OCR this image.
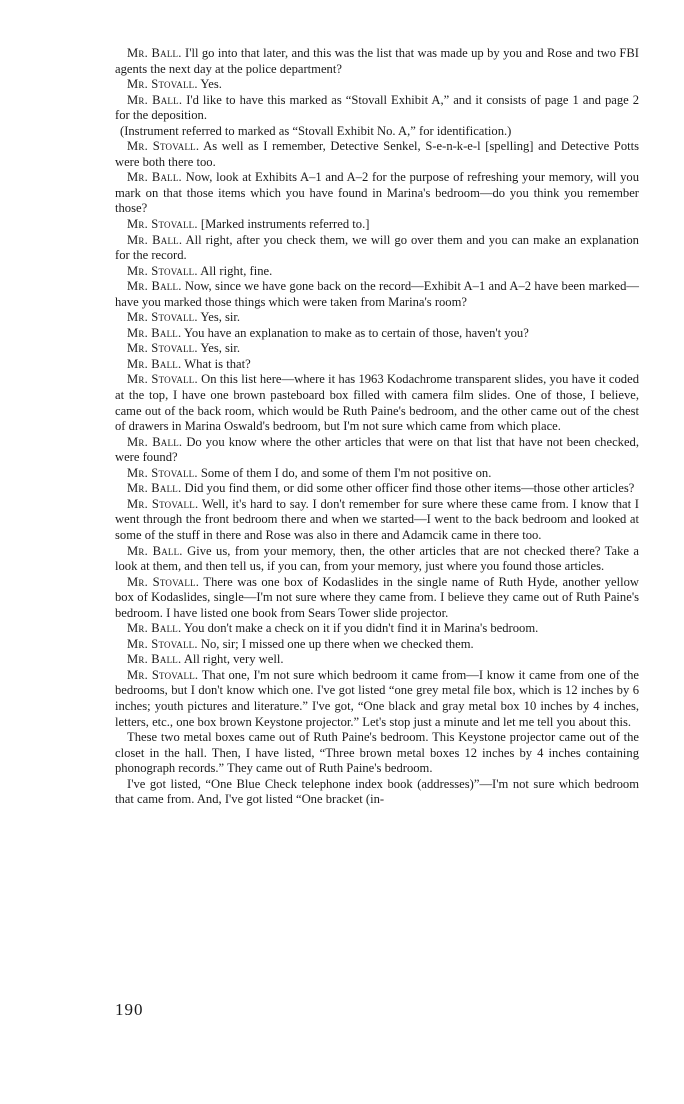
Mr. Ball. I'll go into that later, and this was the list that was made up by you and Rose and two FBI agents the next day at the police department?

Mr. Stovall. Yes.

Mr. Ball. I'd like to have this marked as “Stovall Exhibit A,” and it consists of page 1 and page 2 for the deposition.

(Instrument referred to marked as “Stovall Exhibit No. A,” for identification.)

Mr. Stovall. As well as I remember, Detective Senkel, S-e-n-k-e-l [spelling] and Detective Potts were both there too.

Mr. Ball. Now, look at Exhibits A–1 and A–2 for the purpose of refreshing your memory, will you mark on that those items which you have found in Marina's bedroom—do you think you remember those?

Mr. Stovall. [Marked instruments referred to.]

Mr. Ball. All right, after you check them, we will go over them and you can make an explanation for the record.

Mr. Stovall. All right, fine.

Mr. Ball. Now, since we have gone back on the record—Exhibit A–1 and A–2 have been marked—have you marked those things which were taken from Marina's room?

Mr. Stovall. Yes, sir.

Mr. Ball. You have an explanation to make as to certain of those, haven't you?

Mr. Stovall. Yes, sir.

Mr. Ball. What is that?

Mr. Stovall. On this list here—where it has 1963 Kodachrome transparent slides, you have it coded at the top, I have one brown pasteboard box filled with camera film slides. One of those, I believe, came out of the back room, which would be Ruth Paine's bedroom, and the other came out of the chest of drawers in Marina Oswald's bedroom, but I'm not sure which came from which place.

Mr. Ball. Do you know where the other articles that were on that list that have not been checked, were found?

Mr. Stovall. Some of them I do, and some of them I'm not positive on.

Mr. Ball. Did you find them, or did some other officer find those other items—those other articles?

Mr. Stovall. Well, it's hard to say. I don't remember for sure where these came from. I know that I went through the front bedroom there and when we started—I went to the back bedroom and looked at some of the stuff in there and Rose was also in there and Adamcik came in there too.

Mr. Ball. Give us, from your memory, then, the other articles that are not checked there? Take a look at them, and then tell us, if you can, from your memory, just where you found those articles.

Mr. Stovall. There was one box of Kodaslides in the single name of Ruth Hyde, another yellow box of Kodaslides, single—I'm not sure where they came from. I believe they came out of Ruth Paine's bedroom. I have listed one book from Sears Tower slide projector.

Mr. Ball. You don't make a check on it if you didn't find it in Marina's bedroom.

Mr. Stovall. No, sir; I missed one up there when we checked them.

Mr. Ball. All right, very well.

Mr. Stovall. That one, I'm not sure which bedroom it came from—I know it came from one of the bedrooms, but I don't know which one. I've got listed “one grey metal file box, which is 12 inches by 6 inches; youth pictures and literature.” I've got, “One black and gray metal box 10 inches by 4 inches, letters, etc., one box brown Keystone projector.” Let's stop just a minute and let me tell you about this.

These two metal boxes came out of Ruth Paine's bedroom. This Keystone projector came out of the closet in the hall. Then, I have listed, “Three brown metal boxes 12 inches by 4 inches containing phonograph records.” They came out of Ruth Paine's bedroom.

I've got listed, “One Blue Check telephone index book (addresses)”—I'm not sure which bedroom that came from. And, I've got listed “One bracket (in-

190
